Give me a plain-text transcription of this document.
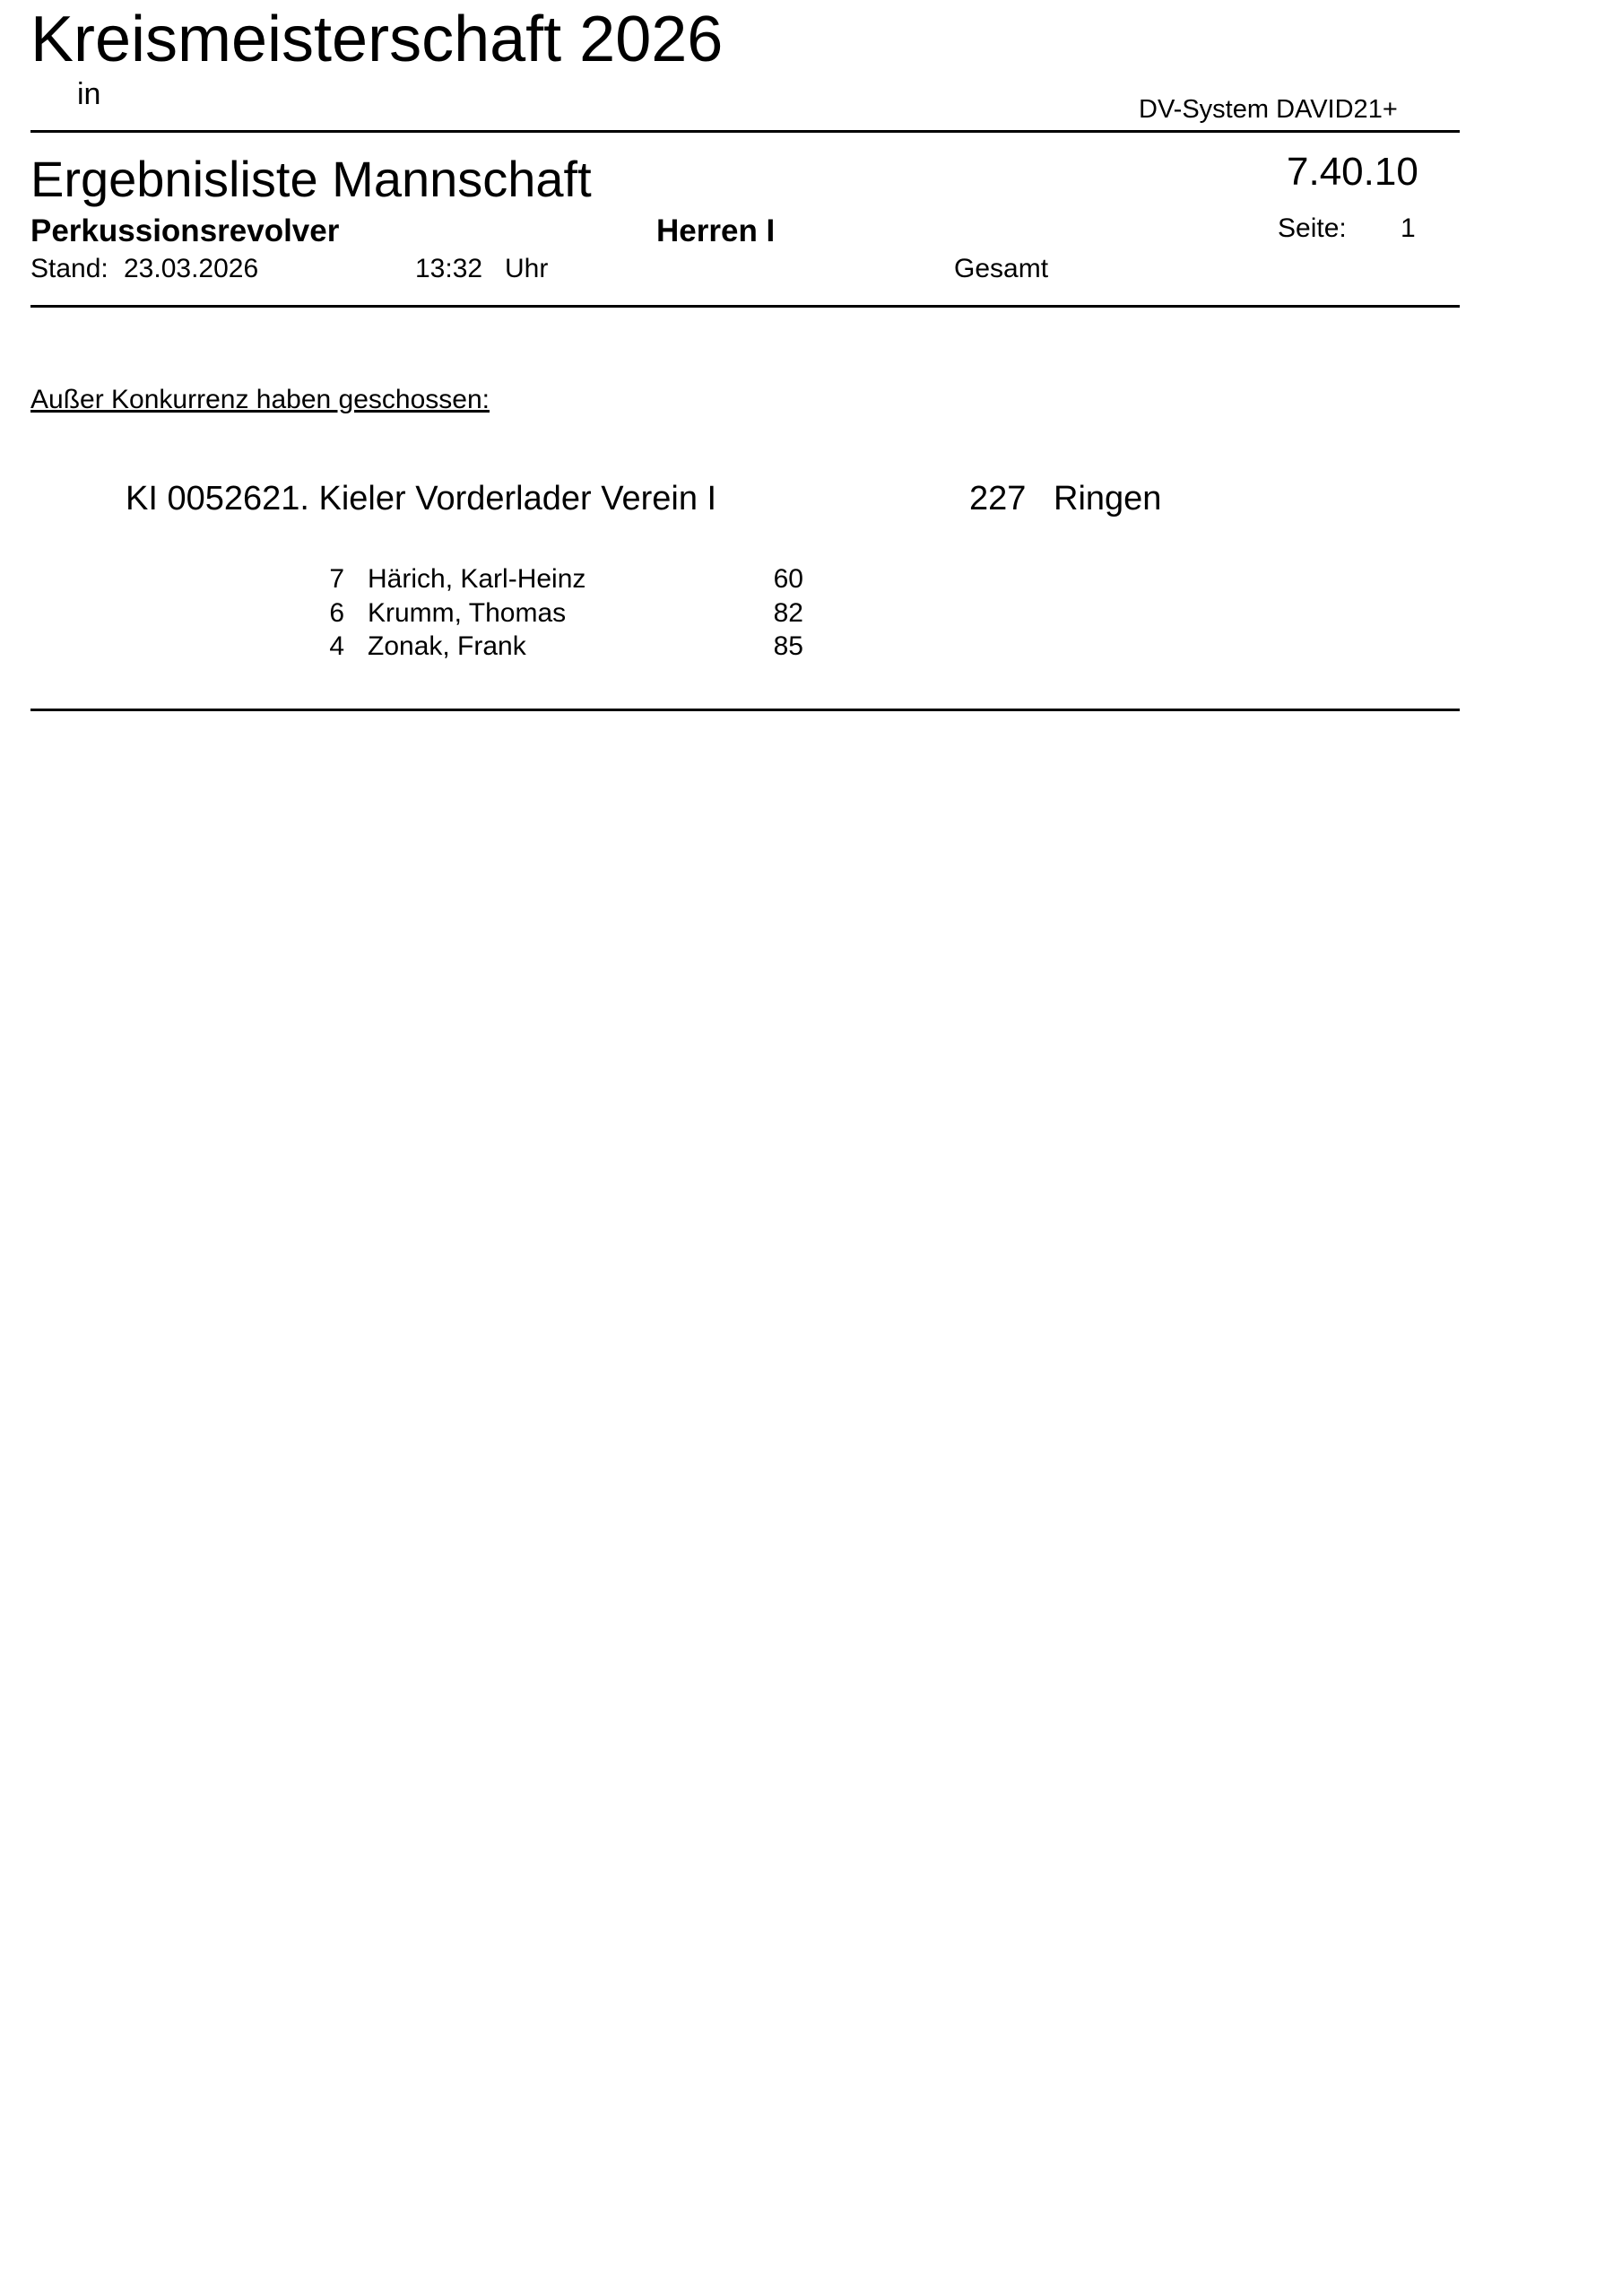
Kreismeisterschaft 2026
in	DV-System DAVID21+
Ergebnisliste Mannschaft	7.40.10
Perkussionsrevolver	Herren I	Seite: 1
Stand: 23.03.2026	13:32 Uhr	Gesamt
Außer Konkurrenz haben geschossen:
KI 0052621. Kieler Vorderlader Verein I	227 Ringen
7 Härich, Karl-Heinz	60
6 Krumm, Thomas	82
4 Zonak, Frank	85
